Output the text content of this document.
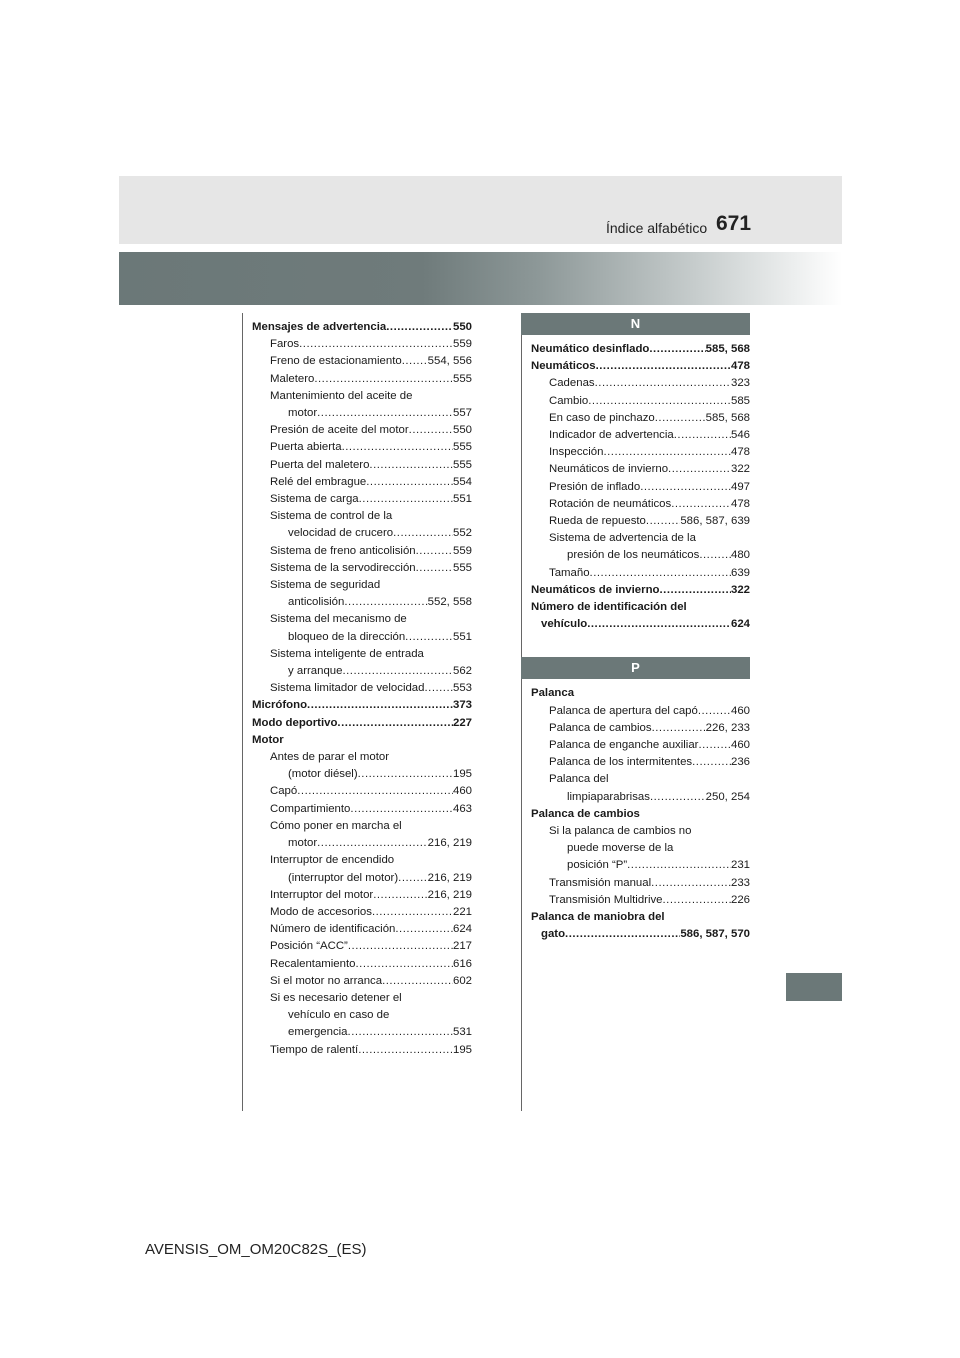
671
Índice alfabético
Mensajes de advertencia .....	550
Faros .....	559
Freno de estacionamiento ..... 554, 556
Maletero .....	555
Mantenimiento del aceite de
motor .....	557
Presión de aceite del motor .....	550
Puerta abierta .....	555
Puerta del maletero .....	555
Relé del embrague .....	554
Sistema de carga .....	551
Sistema de control de la
velocidad de crucero .....	552
Sistema de freno anticolisión .....	559
Sistema de la servodirección .....	555
Sistema de seguridad
anticolisión .....	552, 558
Sistema del mecanismo de
bloqueo de la dirección .....	551
Sistema inteligente de entrada
y arranque .....	562
Sistema limitador de velocidad .....	553
Micrófono .....	373
Modo deportivo .....	227
Motor
Antes de parar el motor
(motor diésel) .....	195
Capó .....	460
Compartimiento .....	463
Cómo poner en marcha el
motor .....	216, 219
Interruptor de encendido
(interruptor del motor) .....	216, 219
Interruptor del motor .....	216, 219
Modo de accesorios .....	221
Número de identificación .....	624
Posición “ACC” .....	217
Recalentamiento .....	616
Si el motor no arranca .....	602
Si es necesario detener el
vehículo en caso de
emergencia .....	531
Tiempo de ralentí .....	195
N
Neumático desinflado .....	585, 568
Neumáticos .....	478
Cadenas .....	323
Cambio .....	585
En caso de pinchazo .....	585, 568
Indicador de advertencia .....	546
Inspección .....	478
Neumáticos de invierno .....	322
Presión de inflado .....	497
Rotación de neumáticos .....	478
Rueda de repuesto .....	586, 587, 639
Sistema de advertencia de la
presión de los neumáticos .....	480
Tamaño .....	639
Neumáticos de invierno .....	322
Número de identificación del
vehículo .....	624
P
Palanca
Palanca de apertura del capó .....	460
Palanca de cambios .....	226, 233
Palanca de enganche auxiliar .....	460
Palanca de los intermitentes .....	236
Palanca del
limpiaparabrisas .....	250, 254
Palanca de cambios
Si la palanca de cambios no
puede moverse de la
posición “P” .....	231
Transmisión manual .....	233
Transmisión Multidrive .....	226
Palanca de maniobra del
gato .....	586, 587, 570
AVENSIS_OM_OM20C82S_(ES)
